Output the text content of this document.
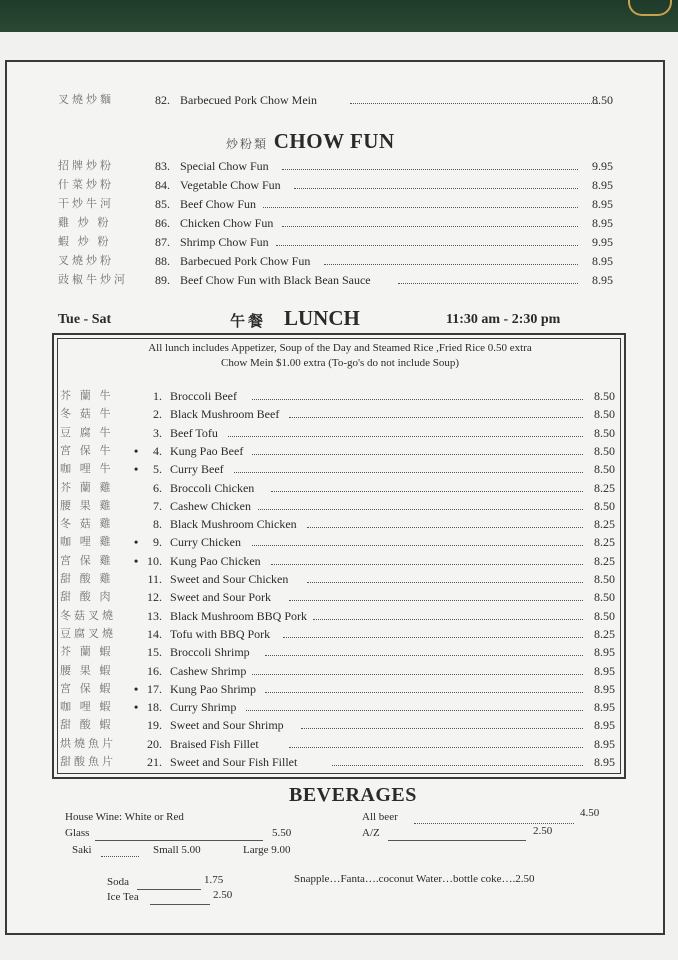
叉燒炒麵	82. Barbecued Pork Chow Mein	8.50
炒粉類 CHOW FUN
招牌炒粉	83. Special Chow Fun	9.95
什菜炒粉	84. Vegetable Chow Fun	8.95
干炒牛河	85. Beef Chow Fun	8.95
雞 炒 粉	86. Chicken Chow Fun	8.95
蝦 炒 粉	87. Shrimp Chow Fun	9.95
叉燒炒粉	88. Barbecued Pork Chow Fun	8.95
豉椒牛炒河 89. Beef Chow Fun with Black Bean Sauce	8.95
Tue - Sat	午餐 LUNCH	11:30 am - 2:30 pm
All lunch includes Appetizer, Soup of the Day and Steamed Rice ,Fried Rice 0.50 extra
Chow Mein $1.00 extra (To-go's do not include Soup)
芥 蘭 牛	1. Broccoli Beef	8.50
冬 菇 牛	2. Black Mushroom Beef	8.50
豆 腐 牛	3. Beef Tofu	8.50
宮 保 牛 •	4. Kung Pao Beef	8.50
咖 哩 牛 •	5. Curry Beef	8.50
芥 蘭 雞	6. Broccoli Chicken	8.25
腰 果 雞	7. Cashew Chicken	8.50
冬 菇 雞	8. Black Mushroom Chicken	8.25
咖 哩 雞 •	9. Curry Chicken	8.25
宮 保 雞 • 10. Kung Pao Chicken	8.25
甜 酸 雞	11. Sweet and Sour Chicken	8.50
甜 酸 肉	12. Sweet and Sour Pork	8.50
冬菇叉燒	13. Black Mushroom BBQ Pork	8.50
豆腐叉燒	14. Tofu with BBQ Pork	8.25
芥 蘭 蝦	15. Broccoli Shrimp	8.95
腰 果 蝦	16. Cashew Shrimp	8.95
宮 保 蝦 • 17. Kung Pao Shrimp	8.95
咖 哩 蝦 • 18. Curry Shrimp	8.95
甜 酸 蝦	19. Sweet and Sour Shrimp	8.95
烘燒魚片	20. Braised Fish Fillet	8.95
甜酸魚片	21. Sweet and Sour Fish Fillet	8.95
BEVERAGES
House Wine: White or Red
Glass	5.50
Saki	Small 5.00	Large 9.00
All beer	4.50
A/Z	2.50
Soda	1.75
Ice Tea	2.50
Snapple…Fanta….coconut Water…bottle coke….2.50
